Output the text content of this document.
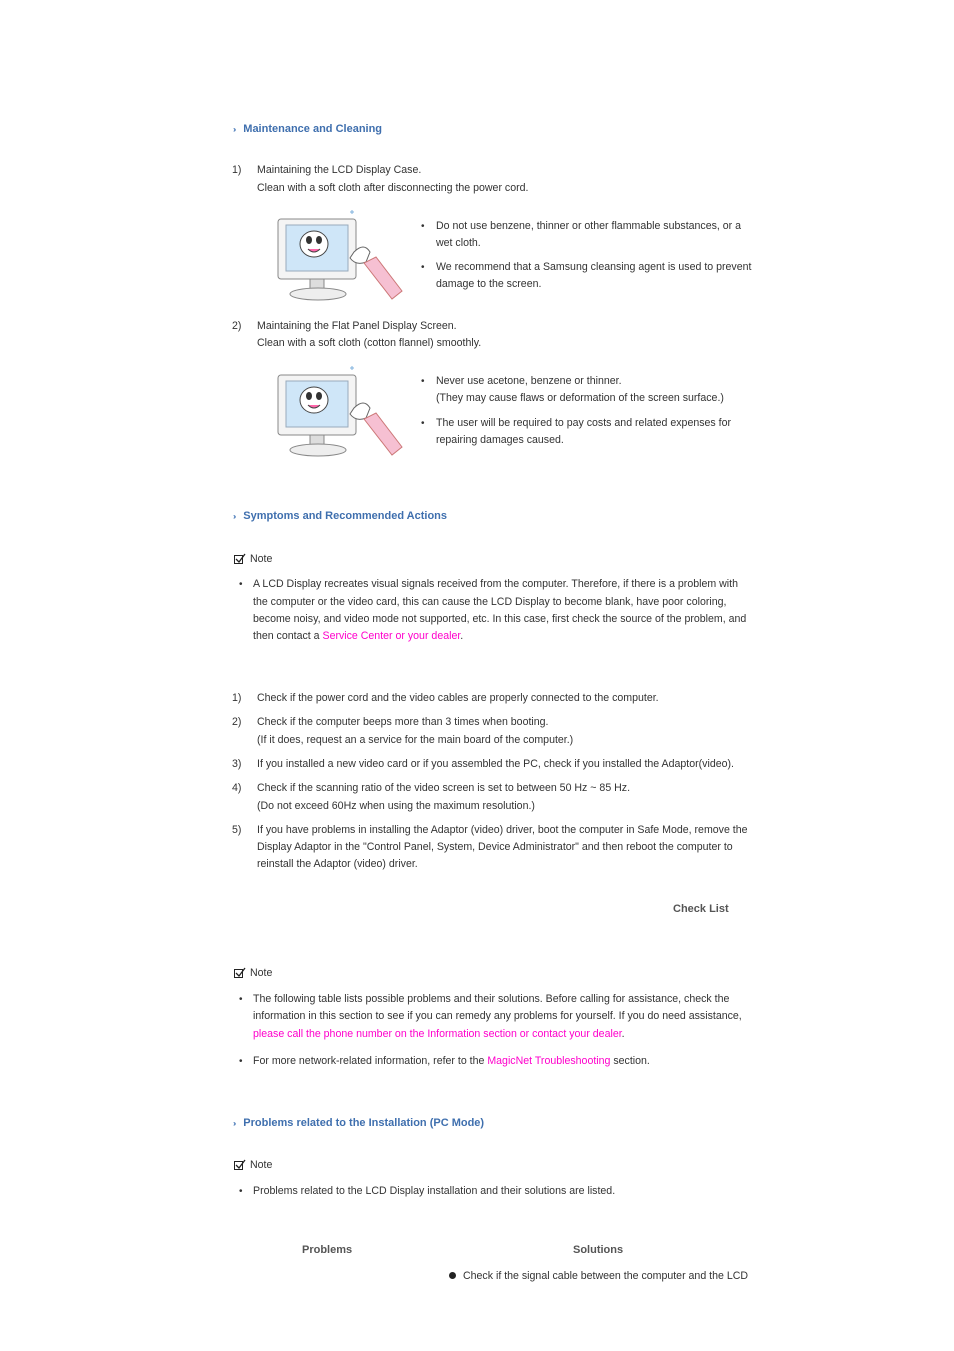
›› Maintenance and Cleaning
1) Maintaining the LCD Display Case.
Clean with a soft cloth after disconnecting the power cord.
• Do not use benzene, thinner or other flammable substances, or a
wet cloth.
• We recommend that a Samsung cleansing agent is used to prevent
damage to the screen.
2) Maintaining the Flat Panel Display Screen.
Clean with a soft cloth (cotton flannel) smoothly.
• Never use acetone, benzene or thinner.
(They may cause flaws or deformation of the screen surface.)
• The user will be required to pay costs and related expenses for
repairing damages caused.
›› Symptoms and Recommended Actions
Note
• A LCD Display recreates visual signals received from the computer. Therefore, if there is a problem with
the computer or the video card, this can cause the LCD Display to become blank, have poor coloring,
become noisy, and video mode not supported, etc. In this case, first check the source of the problem, and
then contact a Service Center or your dealer.
1) Check if the power cord and the video cables are properly connected to the computer.
2) Check if the computer beeps more than 3 times when booting.
(If it does, request an a service for the main board of the computer.)
3) If you installed a new video card or if you assembled the PC, check if you installed the Adaptor(video).
4) Check if the scanning ratio of the video screen is set to between 50 Hz ~ 85 Hz.
(Do not exceed 60Hz when using the maximum resolution.)
5) If you have problems in installing the Adaptor (video) driver, boot the computer in Safe Mode, remove the
Display Adaptor in the "Control Panel, System, Device Administrator" and then reboot the computer to
reinstall the Adaptor (video) driver.
Check List
Note
• The following table lists possible problems and their solutions. Before calling for assistance, check the
information in this section to see if you can remedy any problems for yourself. If you do need assistance,
please call the phone number on the Information section or contact your dealer.
• For more network-related information, refer to the MagicNet Troubleshooting section.
›› Problems related to the Installation (PC Mode)
Note
• Problems related to the LCD Display installation and their solutions are listed.
Problems	Solutions
Check if the signal cable between the computer and the LCD
